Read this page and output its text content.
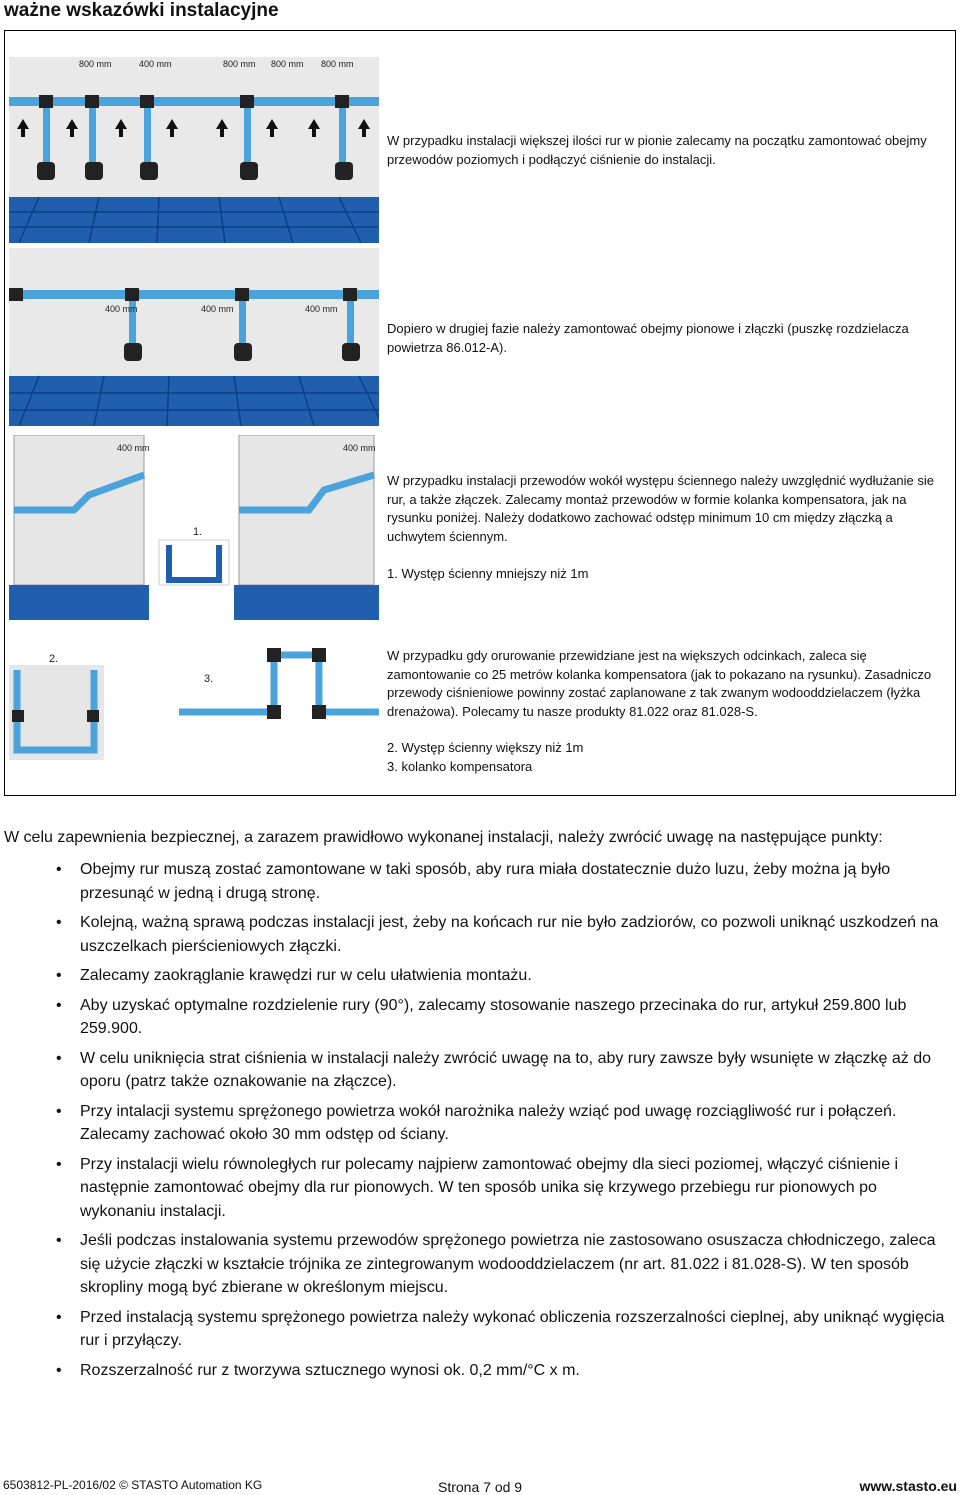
ważne wskazówki instalacyjne
800 mm	400 mm	800 mm 800 mm 800 mm
400 mm	400 mm	400 mm
400 mm	400 mm
1.
2.
3.
W przypadku instalacji większej ilości rur w pionie zalecamy na początku zamontować obejmy przewodów poziomych i podłączyć ciśnienie do instalacji.
Dopiero w drugiej fazie należy zamontować obejmy pionowe i złączki (puszkę rozdzielacza powietrza 86.012-A).
W przypadku instalacji przewodów wokół występu ściennego należy uwzględnić wydłużanie sie rur, a także złączek. Zalecamy montaż przewodów w formie kolanka kompensatora, jak na rysunku poniżej. Należy dodatkowo zachować odstęp minimum 10 cm między złączką a uchwytem ściennym.
1. Występ ścienny mniejszy niż 1m
W przypadku gdy orurowanie przewidziane jest na większych odcinkach, zaleca się zamontowanie co 25 metrów kolanka kompensatora (jak to pokazano na rysunku). Zasadniczo przewody ciśnieniowe powinny zostać zaplanowane z tak zwanym wodooddzielaczem (łyżka drenażowa). Polecamy tu nasze produkty 81.022 oraz 81.028-S.
2. Występ ścienny większy niż 1m
3. kolanko kompensatora
W celu zapewnienia bezpiecznej, a zarazem prawidłowo wykonanej instalacji, należy zwrócić uwagę na następujące punkty:
• Obejmy rur muszą zostać zamontowane w taki sposób, aby rura miała dostatecznie dużo luzu, żeby można ją było przesunąć w jedną i drugą stronę.
• Kolejną, ważną sprawą podczas instalacji jest, żeby na końcach rur nie było zadziorów, co pozwoli uniknąć uszkodzeń na uszczelkach pierścieniowych złączki.
• Zalecamy zaokrąglanie krawędzi rur w celu ułatwienia montażu.
• Aby uzyskać optymalne rozdzielenie rury (90°), zalecamy stosowanie naszego przecinaka do rur, artykuł 259.800 lub 259.900.
• W celu uniknięcia strat ciśnienia w instalacji należy zwrócić uwagę na to, aby rury zawsze były wsunięte w złączkę aż do oporu (patrz także oznakowanie na złączce).
• Przy intalacji systemu sprężonego powietrza wokół narożnika należy wziąć pod uwagę rozciągliwość rur i połączeń. Zalecamy zachować około 30 mm odstęp od ściany.
• Przy instalacji wielu równoległych rur polecamy najpierw zamontować obejmy dla sieci poziomej, włączyć ciśnienie i następnie zamontować obejmy dla rur pionowych. W ten sposób unika się krzywego przebiegu rur pionowych po wykonaniu instalacji.
• Jeśli podczas instalowania systemu przewodów sprężonego powietrza nie zastosowano osuszacza chłodniczego, zaleca się użycie złączki w kształcie trójnika ze zintegrowanym wodooddzielaczem (nr art. 81.022 i 81.028-S). W ten sposób skropliny mogą być zbierane w określonym miejscu.
• Przed instalacją systemu sprężonego powietrza należy wykonać obliczenia rozszerzalności cieplnej, aby uniknąć wygięcia rur i przyłączy.
• Rozszerzalność rur z tworzywa sztucznego wynosi ok. 0,2 mm/°C x m.
6503812-PL-2016/02 © STASTO Automation KG	Strona 7 od 9	www.stasto.eu
